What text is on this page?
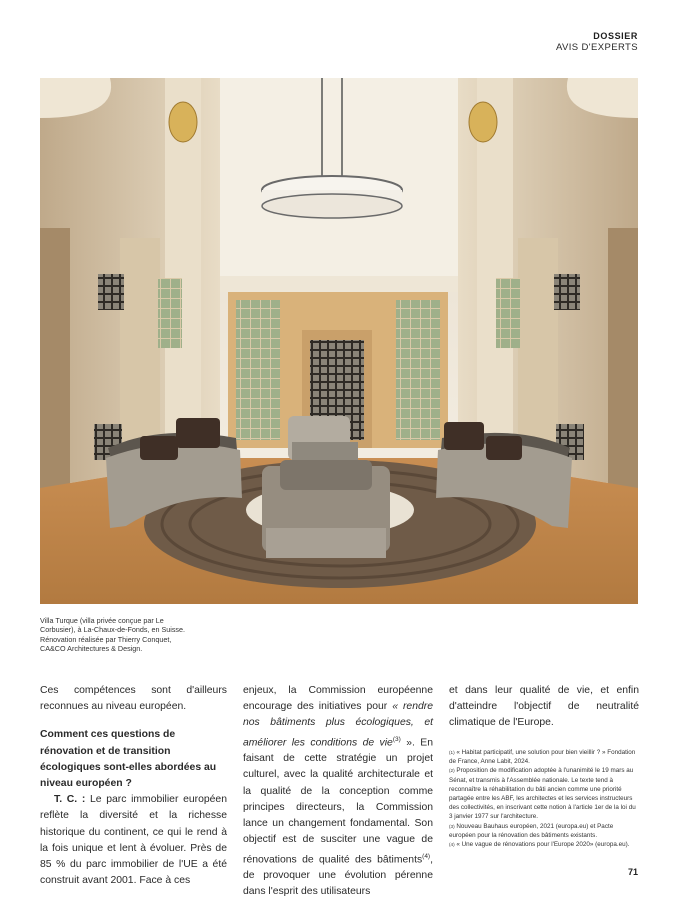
DOSSIER
AVIS D'EXPERTS
Villa Turque (villa privée conçue par Le Corbusier), à La-Chaux-de-Fonds, en Suisse. Rénovation réalisée par Thierry Conquet, CA&CO Architectures & Design.

Ces compétences sont d'ailleurs reconnues au niveau européen.

Comment ces questions de rénovation et de transition écologiques sont-elles abordées au niveau européen ?

T. C. : Le parc immobilier européen reflète la diversité et la richesse historique du continent, ce qui le rend à la fois unique et lent à évoluer. Près de 85 % du parc immobilier de l'UE a été construit avant 2001. Face à ces

enjeux, la Commission européenne encourage des initiatives pour « rendre nos bâtiments plus écologiques, et améliorer les conditions de vie$^{(3)}$ ». En faisant de cette stratégie un projet culturel, avec la qualité architecturale et la qualité de la conception comme principes directeurs, la Commission lance un changement fondamental. Son objectif est de susciter une vague de rénovations de qualité des bâtiments$^{(4)}$, de provoquer une évolution pérenne dans l'esprit des utilisateurs

et dans leur qualité de vie, et enfin d'atteindre l'objectif de neutralité climatique de l'Europe.

$^{(1)}$ « Habitat participatif, une solution pour bien vieillir ? » Fondation de France, Anne Labit, 2024.

$^{(2)}$ Proposition de modification adoptée à l'unanimité le 19 mars au Sénat, et transmis à l'Assemblée nationale. Le texte tend à reconnaître la réhabilitation du bâti ancien comme une priorité partagée entre les ABF, les architectes et les services instructeurs des collectivités, en inscrivant cette notion à l'article 1er de la loi du 3 janvier 1977 sur l'architecture.

$^{(3)}$ Nouveau Bauhaus européen, 2021 (europa.eu) et Pacte européen pour la rénovation des bâtiments existants.

$^{(4)}$ « Une vague de rénovations pour l'Europe 2020» (europa.eu).

71
